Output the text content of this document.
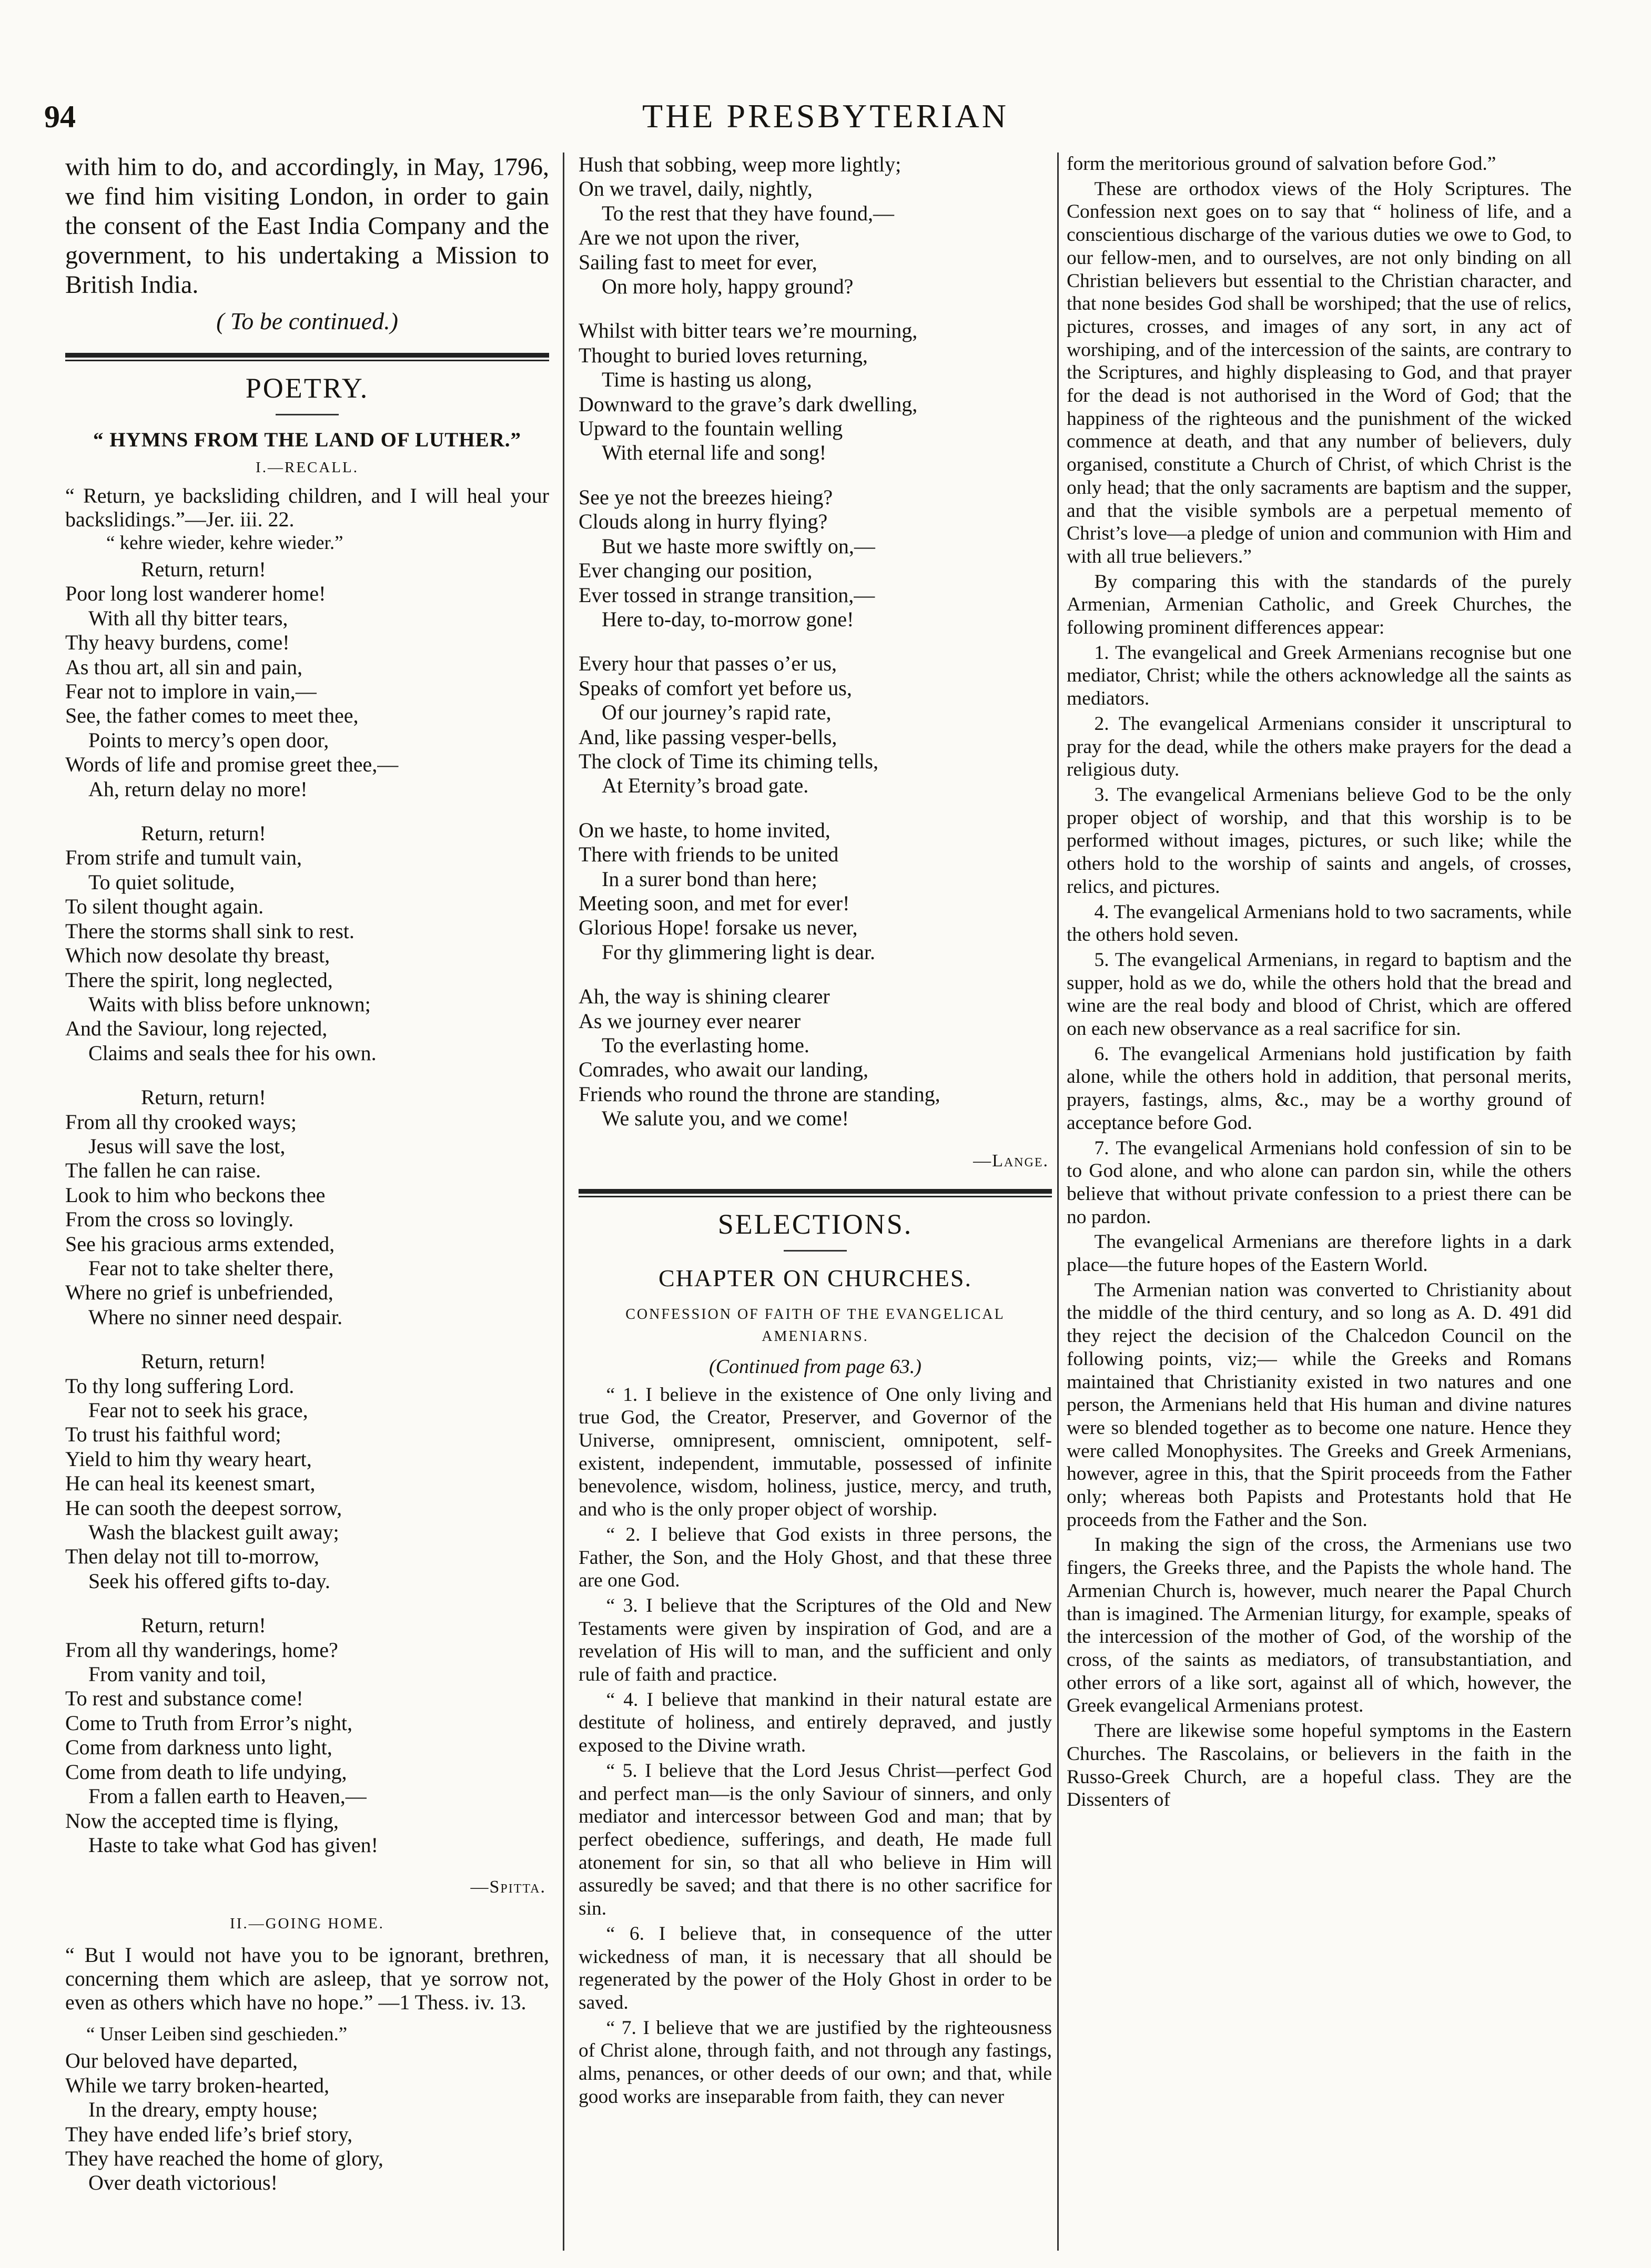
94	THE PRESBYTERIAN

with him to do, and accordingly, in May, 1796, we find him visiting London, in order to gain the consent of the East India Company and the government, to his undertaking a Mission to British India.

( To be continued.)
POETRY.
“ HYMNS FROM THE LAND OF LUTHER.”
I.—RECALL.
“ Return, ye backsliding children, and I will heal your backslidings.”—Jer. iii. 22.
“ kehre wieder, kehre wieder.”
Return, return!
Poor long lost wanderer home!
With all thy bitter tears,
Thy heavy burdens, come!
As thou art, all sin and pain,
Fear not to implore in vain,—
See, the father comes to meet thee,
Points to mercy’s open door,
Words of life and promise greet thee,—
Ah, return delay no more!
Return, return!
From strife and tumult vain,
To quiet solitude,
To silent thought again.
There the storms shall sink to rest.
Which now desolate thy breast,
There the spirit, long neglected,
Waits with bliss before unknown;
And the Saviour, long rejected,
Claims and seals thee for his own.
Return, return!
From all thy crooked ways;
Jesus will save the lost,
The fallen he can raise.
Look to him who beckons thee
From the cross so lovingly.
See his gracious arms extended,
Fear not to take shelter there,
Where no grief is unbefriended,
Where no sinner need despair.
Return, return!
To thy long suffering Lord.
Fear not to seek his grace,
To trust his faithful word;
Yield to him thy weary heart,
He can heal its keenest smart,
He can sooth the deepest sorrow,
Wash the blackest guilt away;
Then delay not till to-morrow,
Seek his offered gifts to-day.
Return, return!
From all thy wanderings, home?
From vanity and toil,
To rest and substance come!
Come to Truth from Error’s night,
Come from darkness unto light,
Come from death to life undying,
From a fallen earth to Heaven,—
Now the accepted time is flying,
Haste to take what God has given!
—Spitta.
II.—GOING HOME.
“ But I would not have you to be ignorant, brethren, concerning them which are asleep, that ye sorrow not, even as others which have no hope.” —1 Thess. iv. 13.
“ Unser Leiben sind geschieden.”
Our beloved have departed,
While we tarry broken-hearted,
In the dreary, empty house;
They have ended life’s brief story,
They have reached the home of glory,
Over death victorious!
Hush that sobbing, weep more lightly;
On we travel, daily, nightly,
To the rest that they have found,—
Are we not upon the river,
Sailing fast to meet for ever,
On more holy, happy ground?
Whilst with bitter tears we’re mourning,
Thought to buried loves returning,
Time is hasting us along,
Downward to the grave’s dark dwelling,
Upward to the fountain welling
With eternal life and song!
See ye not the breezes hieing?
Clouds along in hurry flying?
But we haste more swiftly on,—
Ever changing our position,
Ever tossed in strange transition,—
Here to-day, to-morrow gone!
Every hour that passes o’er us,
Speaks of comfort yet before us,
Of our journey’s rapid rate,
And, like passing vesper-bells,
The clock of Time its chiming tells,
At Eternity’s broad gate.
On we haste, to home invited,
There with friends to be united
In a surer bond than here;
Meeting soon, and met for ever!
Glorious Hope! forsake us never,
For thy glimmering light is dear.
Ah, the way is shining clearer
As we journey ever nearer
To the everlasting home.
Comrades, who await our landing,
Friends who round the throne are standing,
We salute you, and we come!
—Lange.
SELECTIONS.
CHAPTER ON CHURCHES.
CONFESSION OF FAITH OF THE EVANGELICAL AMENIARNS.
(Continued from page 63.)

“ 1. I believe in the existence of One only living and true God, the Creator, Preserver, and Governor of the Universe, omnipresent, omniscient, omnipotent, self-existent, independent, immutable, possessed of infinite benevolence, wisdom, holiness, justice, mercy, and truth, and who is the only proper object of worship.

“ 2. I believe that God exists in three persons, the Father, the Son, and the Holy Ghost, and that these three are one God.

“ 3. I believe that the Scriptures of the Old and New Testaments were given by inspiration of God, and are a revelation of His will to man, and the sufficient and only rule of faith and practice.

“ 4. I believe that mankind in their natural estate are destitute of holiness, and entirely depraved, and justly exposed to the Divine wrath.

“ 5. I believe that the Lord Jesus Christ—perfect God and perfect man—is the only Saviour of sinners, and only mediator and intercessor between God and man; that by perfect obedience, sufferings, and death, He made full atonement for sin, so that all who believe in Him will assuredly be saved; and that there is no other sacrifice for sin.

“ 6. I believe that, in consequence of the utter wickedness of man, it is necessary that all should be regenerated by the power of the Holy Ghost in order to be saved.

“ 7. I believe that we are justified by the righteousness of Christ alone, through faith, and not through any fastings, alms, penances, or other deeds of our own; and that, while good works are inseparable from faith, they can never

form the meritorious ground of salvation before God.”

These are orthodox views of the Holy Scriptures. The Confession next goes on to say that “ holiness of life, and a conscientious discharge of the various duties we owe to God, to our fellow-men, and to ourselves, are not only binding on all Christian believers but essential to the Christian character, and that none besides God shall be worshiped; that the use of relics, pictures, crosses, and images of any sort, in any act of worshiping, and of the intercession of the saints, are contrary to the Scriptures, and highly displeasing to God, and that prayer for the dead is not authorised in the Word of God; that the happiness of the righteous and the punishment of the wicked commence at death, and that any number of believers, duly organised, constitute a Church of Christ, of which Christ is the only head; that the only sacraments are baptism and the supper, and that the visible symbols are a perpetual memento of Christ’s love—a pledge of union and communion with Him and with all true believers.”

By comparing this with the standards of the purely Armenian, Armenian Catholic, and Greek Churches, the following prominent differences appear:

1. The evangelical and Greek Armenians recognise but one mediator, Christ; while the others acknowledge all the saints as mediators.

2. The evangelical Armenians consider it unscriptural to pray for the dead, while the others make prayers for the dead a religious duty.

3. The evangelical Armenians believe God to be the only proper object of worship, and that this worship is to be performed without images, pictures, or such like; while the others hold to the worship of saints and angels, of crosses, relics, and pictures.

4. The evangelical Armenians hold to two sacraments, while the others hold seven.

5. The evangelical Armenians, in regard to baptism and the supper, hold as we do, while the others hold that the bread and wine are the real body and blood of Christ, which are offered on each new observance as a real sacrifice for sin.

6. The evangelical Armenians hold justification by faith alone, while the others hold in addition, that personal merits, prayers, fastings, alms, &c., may be a worthy ground of acceptance before God.

7. The evangelical Armenians hold confession of sin to be to God alone, and who alone can pardon sin, while the others believe that without private confession to a priest there can be no pardon.

The evangelical Armenians are therefore lights in a dark place—the future hopes of the Eastern World.

The Armenian nation was converted to Christianity about the middle of the third century, and so long as A. D. 491 did they reject the decision of the Chalcedon Council on the following points, viz;— while the Greeks and Romans maintained that Christianity existed in two natures and one person, the Armenians held that His human and divine natures were so blended together as to become one nature. Hence they were called Monophysites. The Greeks and Greek Armenians, however, agree in this, that the Spirit proceeds from the Father only; whereas both Papists and Protestants hold that He proceeds from the Father and the Son.

In making the sign of the cross, the Armenians use two fingers, the Greeks three, and the Papists the whole hand. The Armenian Church is, however, much nearer the Papal Church than is imagined. The Armenian liturgy, for example, speaks of the intercession of the mother of God, of the worship of the cross, of the saints as mediators, of transubstantiation, and other errors of a like sort, against all of which, however, the Greek evangelical Armenians protest.

There are likewise some hopeful symptoms in the Eastern Churches. The Rascolains, or believers in the faith in the Russo-Greek Church, are a hopeful class. They are the Dissenters of
